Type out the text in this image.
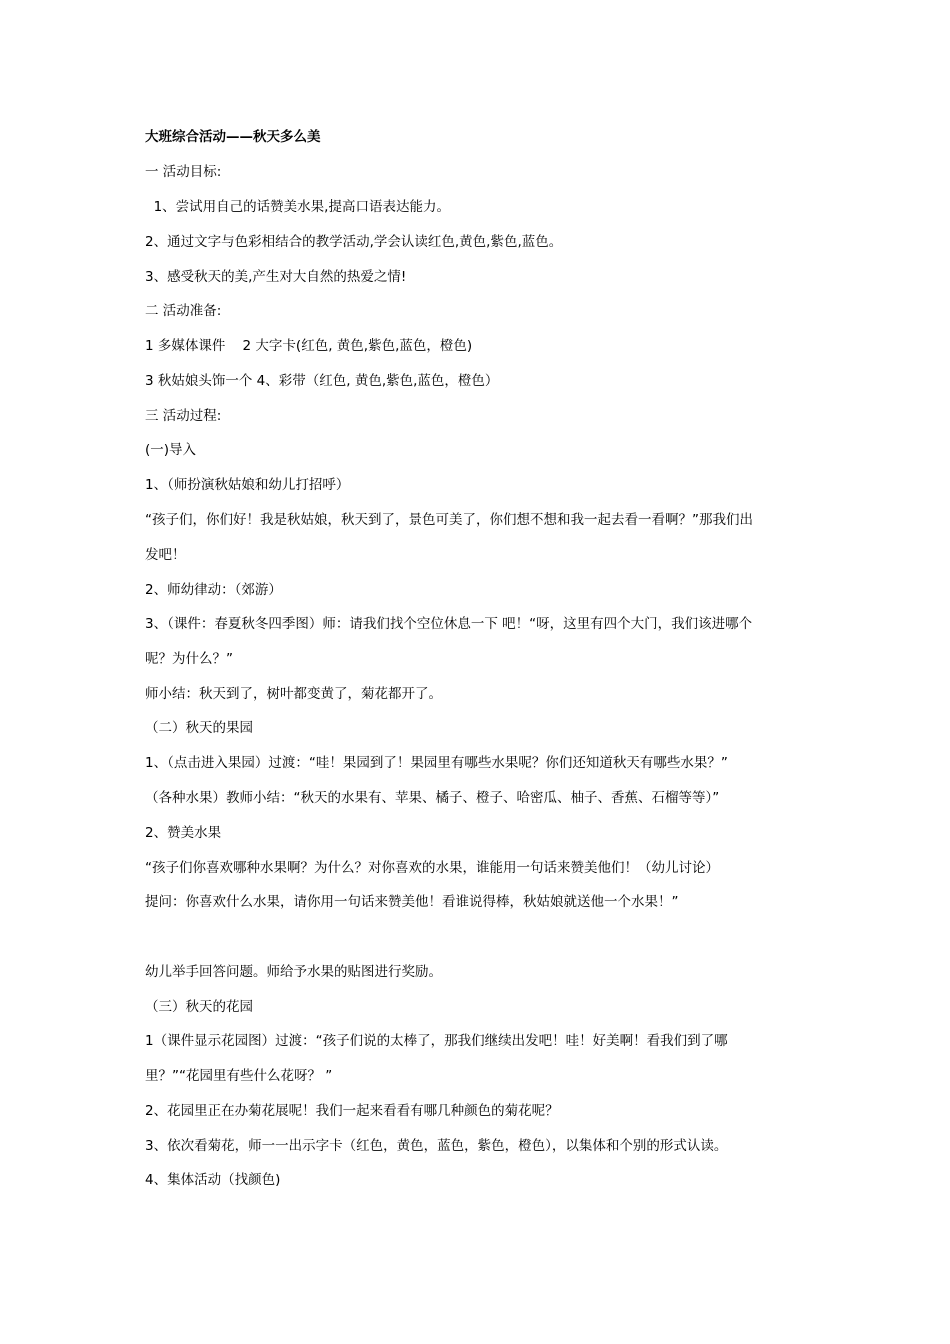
大班综合活动——秋天多么美
一 活动目标:
1、尝试用自己的话赞美水果,提高口语表达能力。
2、通过文字与色彩相结合的教学活动,学会认读红色,黄色,紫色,蓝色。
3、感受秋天的美,产生对大自然的热爱之情!
二 活动准备:
1 多媒体课件    2 大字卡(红色, 黄色,紫色,蓝色，橙色)
3 秋姑娘头饰一个 4、彩带（红色, 黄色,紫色,蓝色，橙色）
三 活动过程:
(一)导入
1、（师扮演秋姑娘和幼儿打招呼）
“孩子们，你们好！我是秋姑娘，秋天到了，景色可美了，你们想不想和我一起去看一看啊？”那我们出
发吧！
2、师幼律动：（郊游）
3、（课件：春夏秋冬四季图）师：请我们找个空位休息一下 吧！“呀，这里有四个大门，我们该进哪个
呢？为什么？”
师小结：秋天到了，树叶都变黄了，菊花都开了。
（二）秋天的果园
1、（点击进入果园）过渡：“哇！果园到了！果园里有哪些水果呢？你们还知道秋天有哪些水果？”
（各种水果）教师小结：“秋天的水果有、苹果、橘子、橙子、哈密瓜、柚子、香蕉、石榴等等）”
2、赞美水果
“孩子们你喜欢哪种水果啊？为什么？对你喜欢的水果，谁能用一句话来赞美他们！（幼儿讨论）
提问：你喜欢什么水果，请你用一句话来赞美他！看谁说得棒，秋姑娘就送他一个水果！”
幼儿举手回答问题。师给予水果的贴图进行奖励。
（三）秋天的花园
1（课件显示花园图）过渡：“孩子们说的太棒了，那我们继续出发吧！哇！好美啊！看我们到了哪
里？”“花园里有些什么花呀？ ”
2、花园里正在办菊花展呢！我们一起来看看有哪几种颜色的菊花呢？
3、依次看菊花，师一一出示字卡（红色，黄色，蓝色，紫色，橙色），以集体和个别的形式认读。
4、集体活动（找颜色)
